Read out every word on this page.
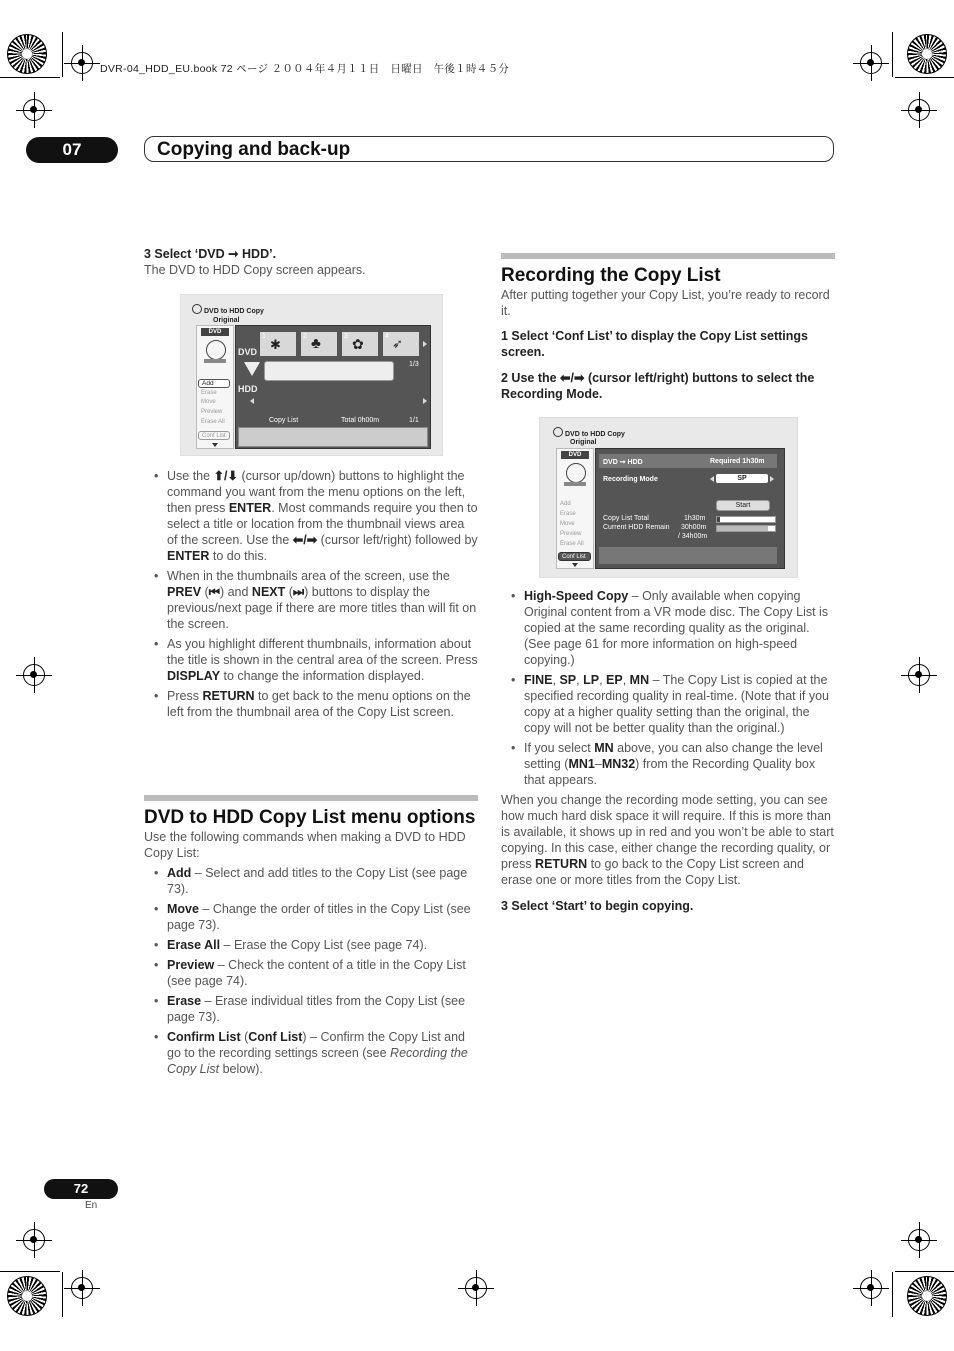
DVR-04_HDD_EU.book 72 ページ ２００４年４月１１日　日曜日　午後１時４５分
07	Copying and back-up
3 Select ‘DVD ➞ HDD’.
The DVD to HDD Copy screen appears.
DVD to HDD Copy
Original
DVD
Add
Erase
Move
Preview
Erase All
Conf List
DVD
1
✱
2 ♣	3 ✿	4 ➶
1/3
HDD
Copy List	Total 0h00m	1/1
• Use the ⬆/⬇ (cursor up/down) buttons to highlight the command you want from the menu options on the left, then press ENTER. Most commands require you then to select a title or location from the thumbnail views area of the screen. Use the ⬅/➡ (cursor left/right) followed by ENTER to do this.
• When in the thumbnails area of the screen, use the PREV (⏮) and NEXT (⏭) buttons to display the previous/next page if there are more titles than will fit on the screen.
• As you highlight different thumbnails, information about the title is shown in the central area of the screen. Press DISPLAY to change the information displayed.
• Press RETURN to get back to the menu options on the left from the thumbnail area of the Copy List screen.
DVD to HDD Copy List menu options
Use the following commands when making a DVD to HDD Copy List:
• Add – Select and add titles to the Copy List (see page 73).
• Move – Change the order of titles in the Copy List (see page 73).
• Erase All – Erase the Copy List (see page 74).
• Preview – Check the content of a title in the Copy List (see page 74).
• Erase – Erase individual titles from the Copy List (see page 73).
• Confirm List (Conf List) – Confirm the Copy List and go to the recording settings screen (see Recording the Copy List below).
Recording the Copy List
After putting together your Copy List, you’re ready to record it.
1 Select ‘Conf List’ to display the Copy List settings screen.
2 Use the ⬅/➡ (cursor left/right) buttons to select the Recording Mode.
DVD to HDD Copy
Original
DVD
Add
Erase
Move
Preview
Erase All
Conf List
DVD ➞ HDD	Required 1h30m
Recording Mode	SP
Start
Copy List Total	1h30m
Current HDD Remain 30h00m
/ 34h00m
• High-Speed Copy – Only available when copying Original content from a VR mode disc. The Copy List is copied at the same recording quality as the original. (See page 61 for more information on high-speed copying.)
• FINE, SP, LP, EP, MN – The Copy List is copied at the specified recording quality in real-time. (Note that if you copy at a higher quality setting than the original, the copy will not be better quality than the original.)
• If you select MN above, you can also change the level setting (MN1–MN32) from the Recording Quality box that appears.
When you change the recording mode setting, you can see how much hard disk space it will require. If this is more than is available, it shows up in red and you won’t be able to start copying. In this case, either change the recording quality, or press RETURN to go back to the Copy List screen and erase one or more titles from the Copy List.
3 Select ‘Start’ to begin copying.
72
En
